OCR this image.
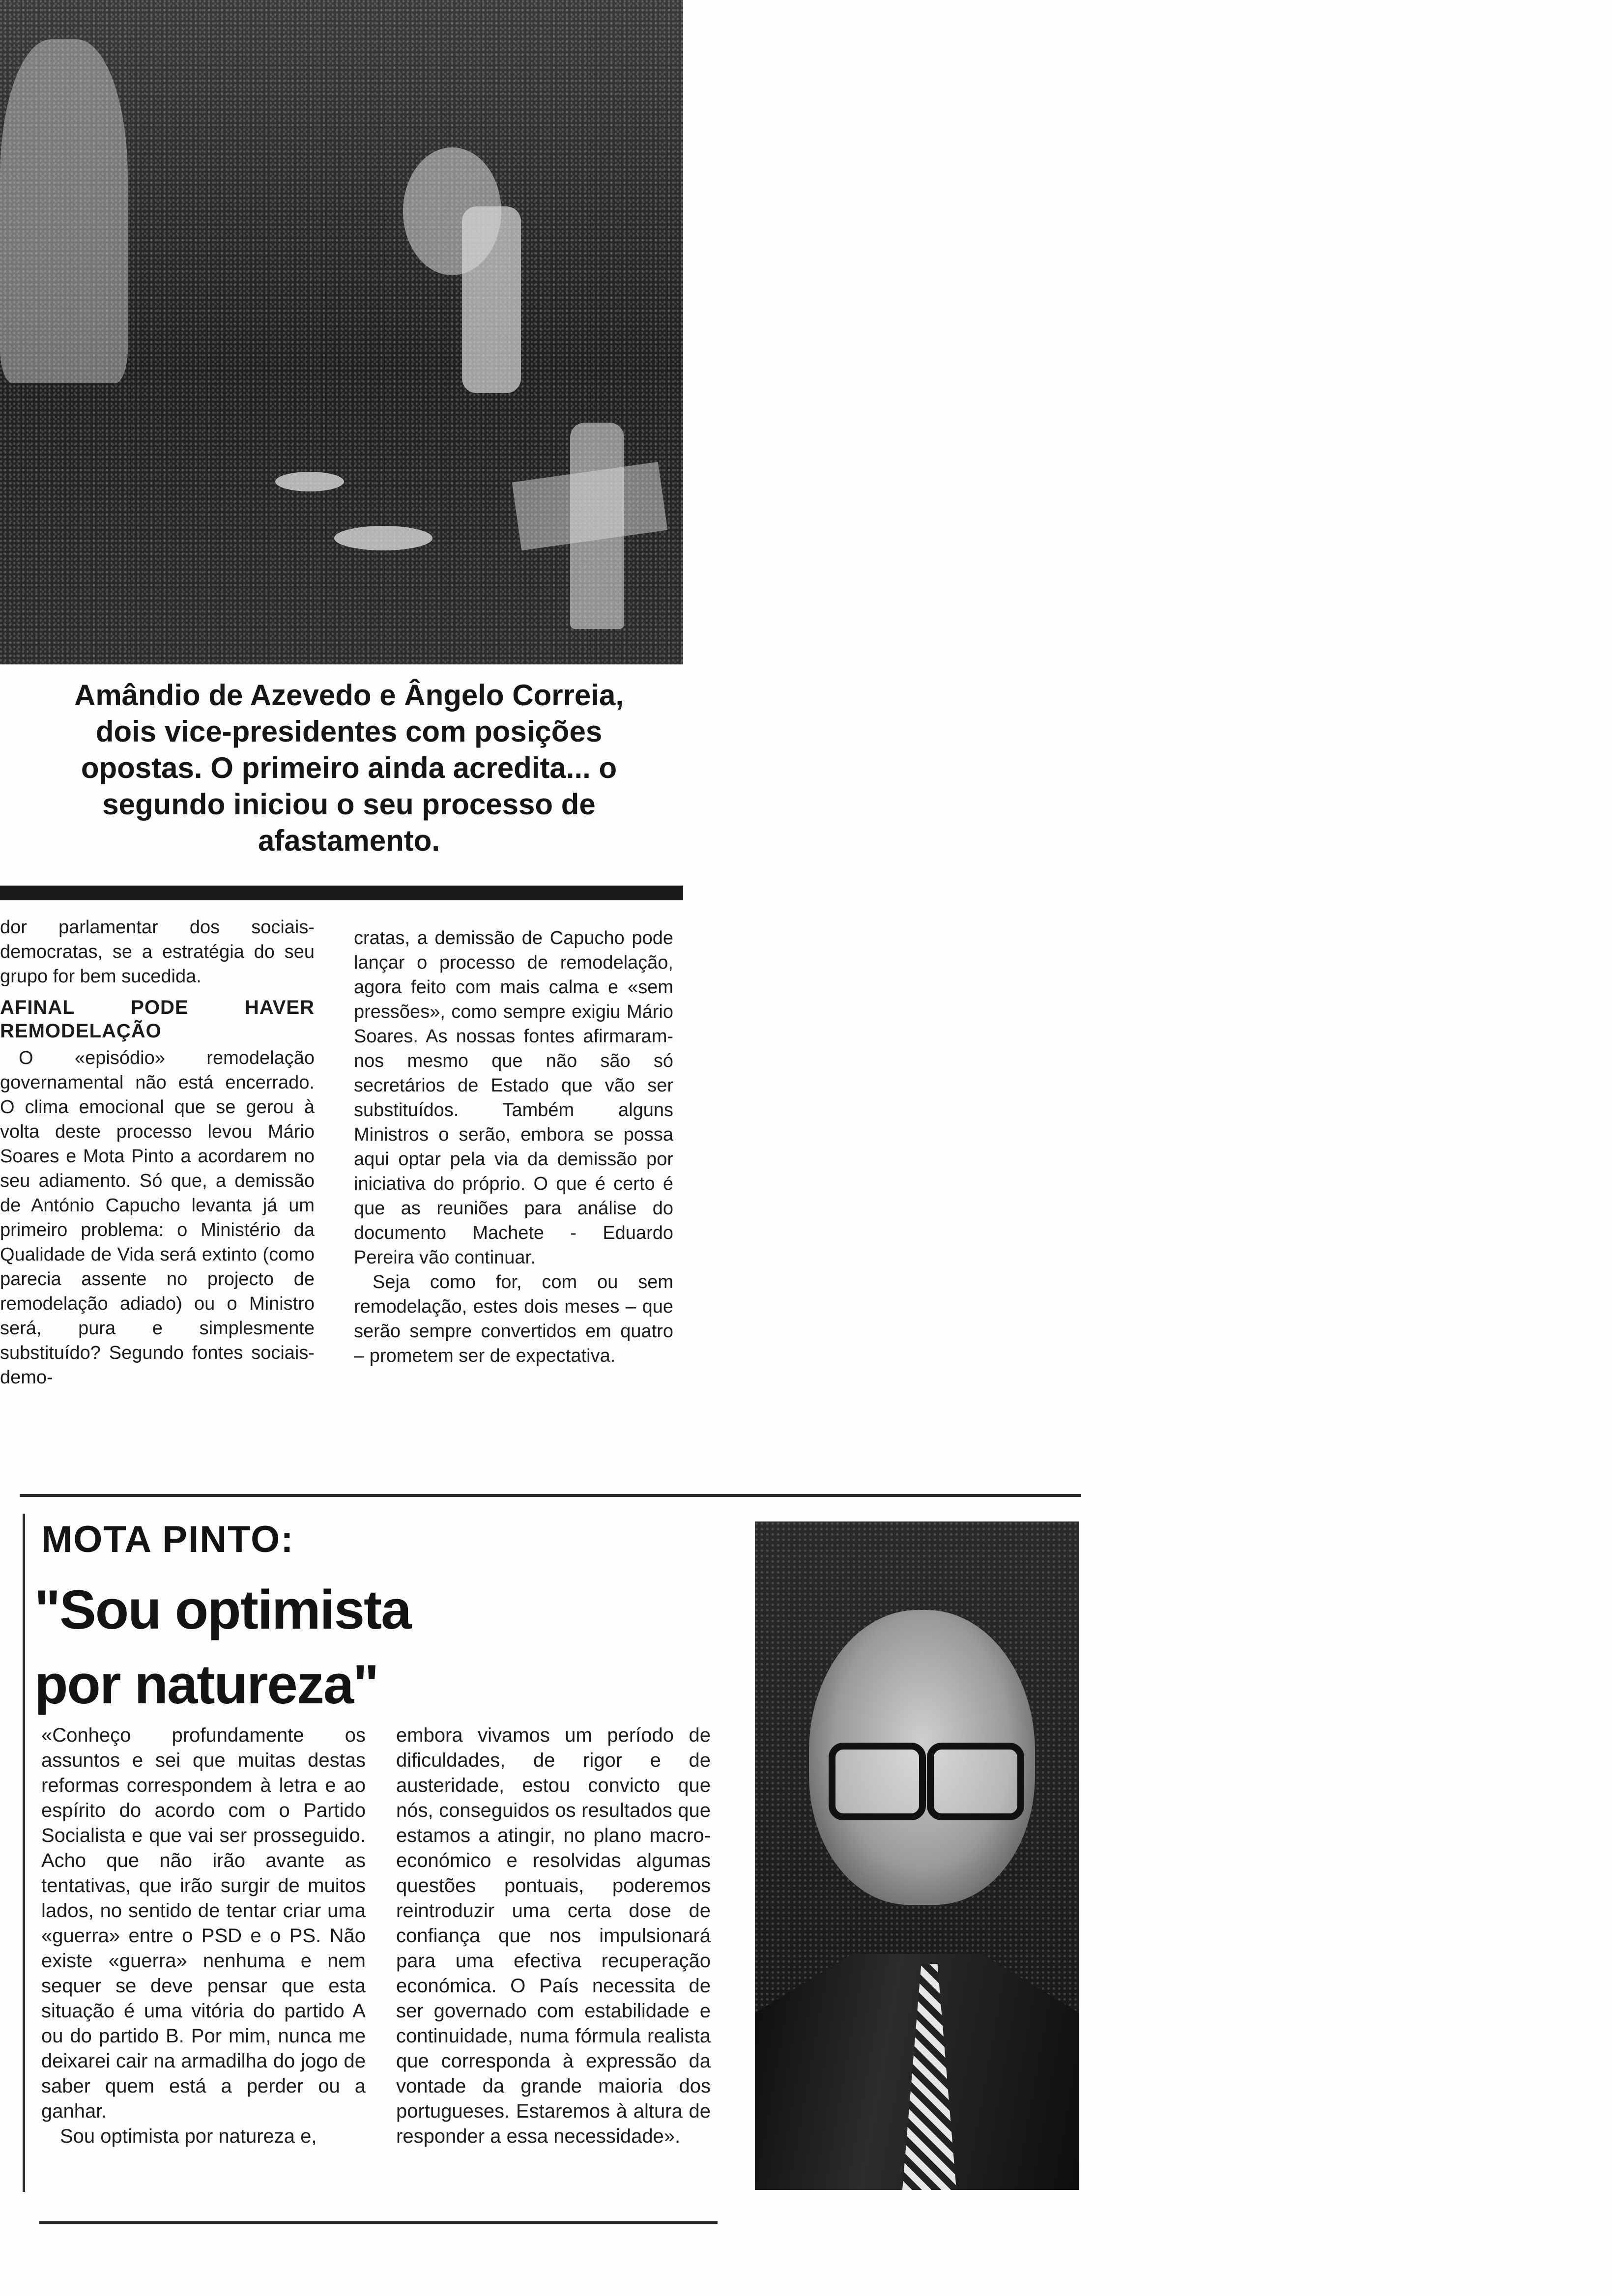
Amândio de Azevedo e Ângelo Correia,
dois vice-presidentes com posições
opostas. O primeiro ainda acredita... o
segundo iniciou o seu processo de
afastamento.

dor parlamentar dos sociais-democratas, se a estratégia do seu grupo for bem sucedida.

AFINAL PODE HAVER REMODELAÇÃO

O «episódio» remodelação governamental não está encerrado. O clima emocional que se gerou à volta deste processo levou Mário Soares e Mota Pinto a acordarem no seu adiamento. Só que, a demissão de António Capucho levanta já um primeiro problema: o Ministério da Qualidade de Vida será extinto (como parecia assente no projecto de remodelação adiado) ou o Ministro será, pura e simplesmente substituído? Segundo fontes sociais-demo-

cratas, a demissão de Capucho pode lançar o processo de remodelação, agora feito com mais calma e «sem pressões», como sempre exigiu Mário Soares. As nossas fontes afirmaram-nos mesmo que não são só secretários de Estado que vão ser substituídos. Também alguns Ministros o serão, embora se possa aqui optar pela via da demissão por iniciativa do próprio. O que é certo é que as reuniões para análise do documento Machete - Eduardo Pereira vão continuar.

Seja como for, com ou sem remodelação, estes dois meses – que serão sempre convertidos em quatro – prometem ser de expectativa.

MOTA PINTO:
"Sou optimista
por natureza"

«Conheço profundamente os assuntos e sei que muitas destas reformas correspondem à letra e ao espírito do acordo com o Partido Socialista e que vai ser prosseguido. Acho que não irão avante as tentativas, que irão surgir de muitos lados, no sentido de tentar criar uma «guerra» entre o PSD e o PS. Não existe «guerra» nenhuma e nem sequer se deve pensar que esta situação é uma vitória do partido A ou do partido B. Por mim, nunca me deixarei cair na armadilha do jogo de saber quem está a perder ou a ganhar.

Sou optimista por natureza e,

embora vivamos um período de dificuldades, de rigor e de austeridade, estou convicto que nós, conseguidos os resultados que estamos a atingir, no plano macro-económico e resolvidas algumas questões pontuais, poderemos reintroduzir uma certa dose de confiança que nos impulsionará para uma efectiva recuperação económica. O País necessita de ser governado com estabilidade e continuidade, numa fórmula realista que corresponda à expressão da vontade da grande maioria dos portugueses. Estaremos à altura de responder a essa necessidade».
